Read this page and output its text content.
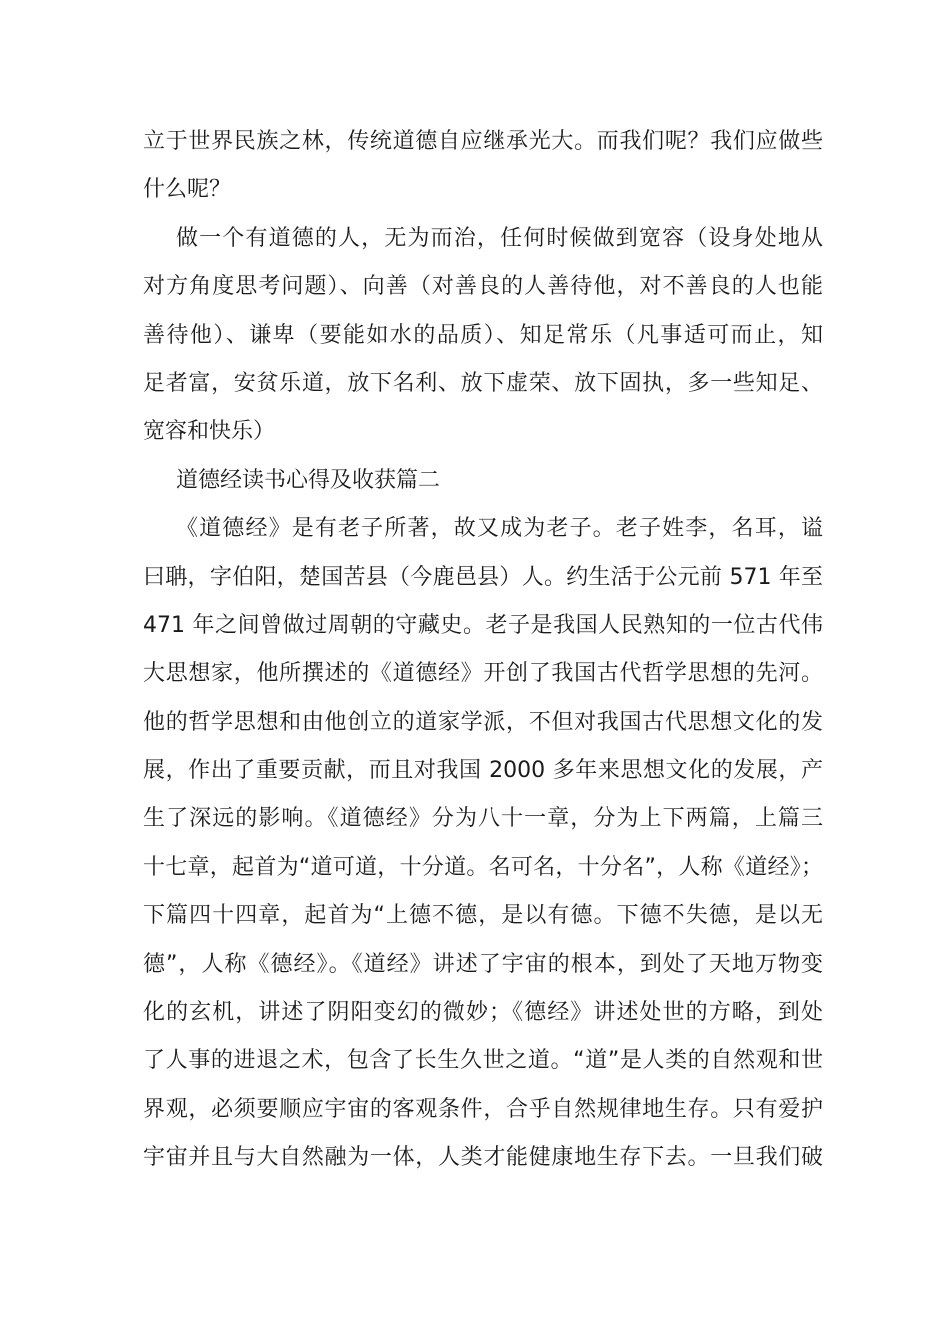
立于世界民族之林，传统道德自应继承光大。而我们呢？我们应做些
什么呢？

做一个有道德的人，无为而治，任何时候做到宽容（设身处地从
对方角度思考问题）、向善（对善良的人善待他，对不善良的人也能
善待他）、谦卑（要能如水的品质）、知足常乐（凡事适可而止，知
足者富，安贫乐道，放下名利、放下虚荣、放下固执，多一些知足、
宽容和快乐）

道德经读书心得及收获篇二

《道德经》是有老子所著，故又成为老子。老子姓李，名耳，谥
曰聃，字伯阳，楚国苦县（今鹿邑县）人。约生活于公元前 571 年至
471 年之间曾做过周朝的守藏史。老子是我国人民熟知的一位古代伟
大思想家，他所撰述的《道德经》开创了我国古代哲学思想的先河。
他的哲学思想和由他创立的道家学派，不但对我国古代思想文化的发
展，作出了重要贡献，而且对我国 2000 多年来思想文化的发展，产
生了深远的影响。《道德经》分为八十一章，分为上下两篇，上篇三
十七章，起首为“道可道，十分道。名可名，十分名”，人称《道经》；
下篇四十四章，起首为“上德不德，是以有德。下德不失德，是以无
德”，人称《德经》。《道经》讲述了宇宙的根本，到处了天地万物变
化的玄机，讲述了阴阳变幻的微妙；《德经》讲述处世的方略，到处
了人事的进退之术，包含了长生久世之道。“道”是人类的自然观和世
界观，必须要顺应宇宙的客观条件，合乎自然规律地生存。只有爱护
宇宙并且与大自然融为一体，人类才能健康地生存下去。一旦我们破
